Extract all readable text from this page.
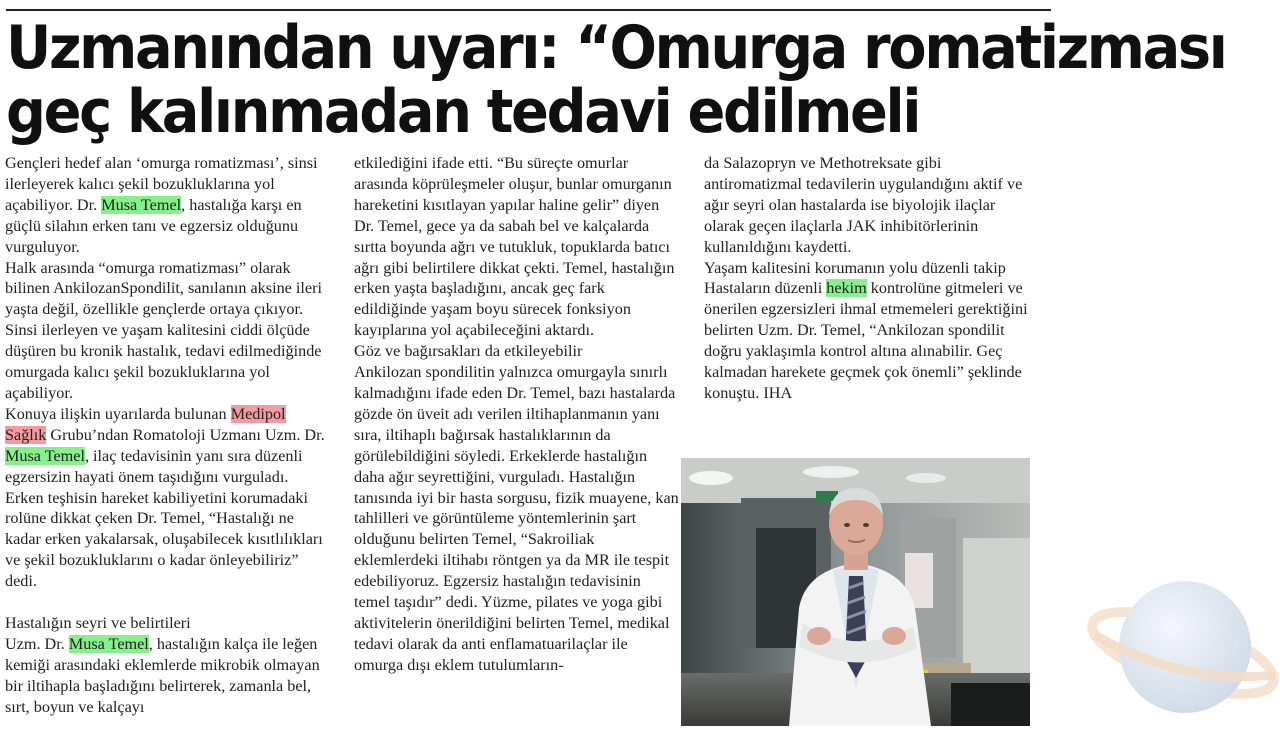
Uzmanından uyarı: “Omurga romatizması
geç kalınmadan tedavi edilmeli

Gençleri hedef alan ‘omurga romatizması’, sinsi ilerleyerek kalıcı şekil bozukluklarına yol açabiliyor. Dr. Musa Temel, hastalığa karşı en güçlü silahın erken tanı ve egzersiz olduğunu vurguluyor.

Halk arasında “omurga romatizması” olarak bilinen AnkilozanSpondilit, sanılanın aksine ileri yaşta değil, özellikle gençlerde ortaya çıkıyor. Sinsi ilerleyen ve yaşam kalitesini ciddi ölçüde düşüren bu kronik hastalık, tedavi edilmediğinde omurgada kalıcı şekil bozukluklarına yol açabiliyor.

Konuya ilişkin uyarılarda bulunan Medipol Sağlık Grubu’ndan Romatoloji Uzmanı Uzm. Dr. Musa Temel, ilaç tedavisinin yanı sıra düzenli egzersizin hayati önem taşıdığını vurguladı. Erken teşhisin hareket kabiliyetini korumadaki rolüne dikkat çeken Dr. Temel, “Hastalığı ne kadar erken yakalarsak, oluşabilecek kısıtlılıkları ve şekil bozukluklarını o kadar önleyebiliriz” dedi.

Hastalığın seyri ve belirtileri

Uzm. Dr. Musa Temel, hastalığın kalça ile leğen kemiği arasındaki eklemlerde mikrobik olmayan bir iltihapla başladığını belirterek, zamanla bel, sırt, boyun ve kalçayı

etkilediğini ifade etti. “Bu süreçte omurlar arasında köprüleşmeler oluşur, bunlar omurganın hareketini kısıtlayan yapılar haline gelir” diyen Dr. Temel, gece ya da sabah bel ve kalçalarda sırtta boyunda ağrı ve tutukluk, topuklarda batıcı ağrı gibi belirtilere dikkat çekti. Temel, hastalığın erken yaşta başladığını, ancak geç fark edildiğinde yaşam boyu sürecek fonksiyon kayıplarına yol açabileceğini aktardı.

Göz ve bağırsakları da etkileyebilir

Ankilozan spondilitin yalnızca omurgayla sınırlı kalmadığını ifade eden Dr. Temel, bazı hastalarda gözde ön üveit adı verilen iltihaplanmanın yanı sıra, iltihaplı bağırsak hastalıklarının da görülebildiğini söyledi. Erkeklerde hastalığın daha ağır seyrettiğini, vurguladı. Hastalığın tanısında iyi bir hasta sorgusu, fizik muayene, kan tahlilleri ve görüntüleme yöntemlerinin şart olduğunu belirten Temel, “Sakroiliak eklemlerdeki iltihabı röntgen ya da MR ile tespit edebiliyoruz. Egzersiz hastalığın tedavisinin temel taşıdır” dedi. Yüzme, pilates ve yoga gibi aktivitelerin önerildiğini belirten Temel, medikal tedavi olarak da anti enflamatuarilaçlar ile omurga dışı eklem tutulumların-

da Salazopryn ve Methotreksate gibi antiromatizmal tedavilerin uygulandığını aktif ve ağır seyri olan hastalarda ise biyolojik ilaçlar olarak geçen ilaçlarla JAK inhibitörlerinin kullanıldığını kaydetti.

Yaşam kalitesini korumanın yolu düzenli takip

Hastaların düzenli hekim kontrolüne gitmeleri ve önerilen egzersizleri ihmal etmemeleri gerektiğini belirten Uzm. Dr. Temel, “Ankilozan spondilit doğru yaklaşımla kontrol altına alınabilir. Geç kalmadan harekete geçmek çok önemli” şeklinde konuştu. IHA
